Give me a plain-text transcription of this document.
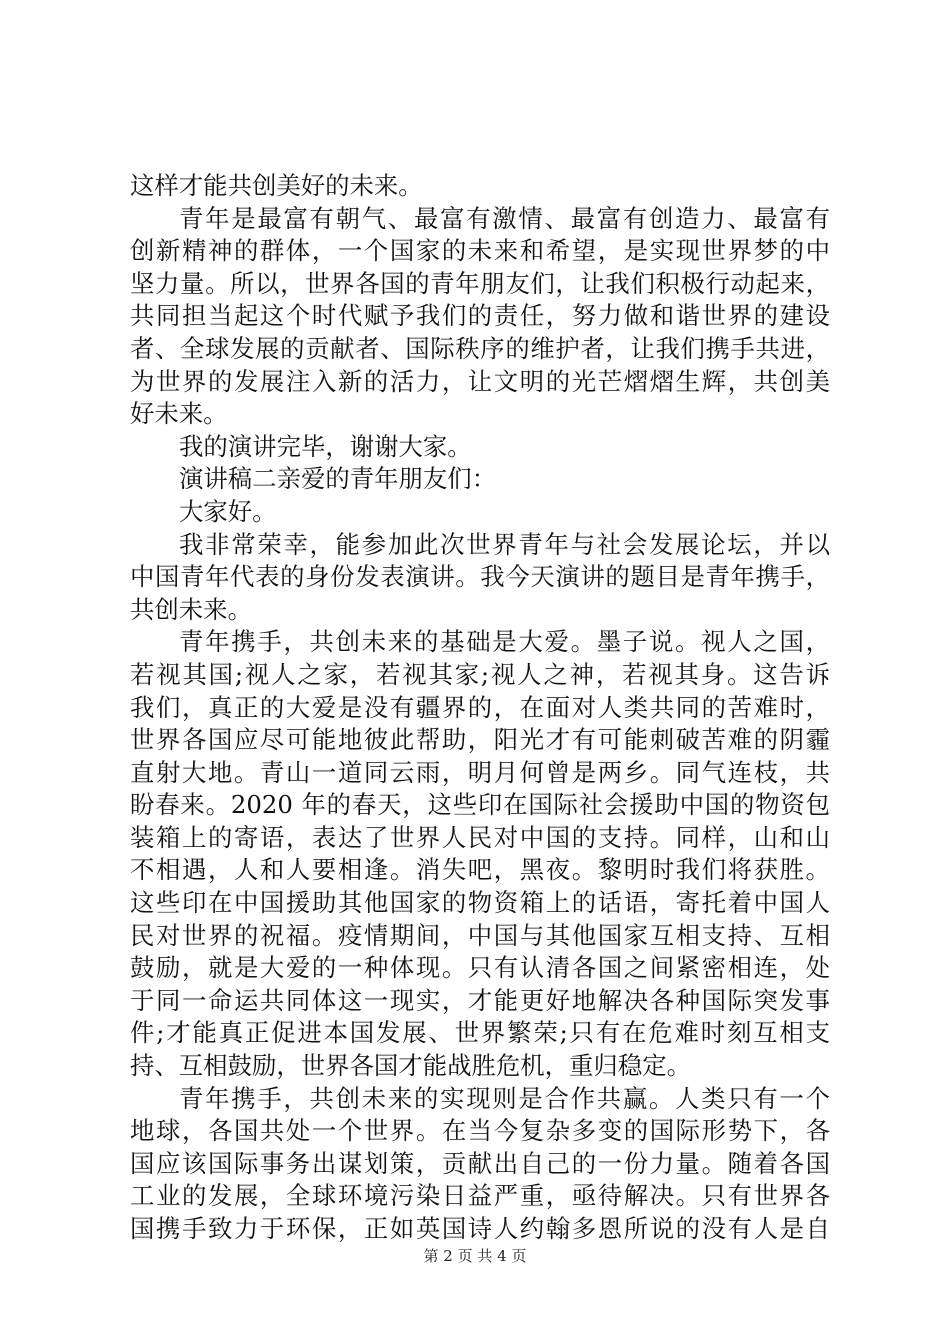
这样才能共创美好的未来。
青年是最富有朝气、最富有激情、最富有创造力、最富有
创新精神的群体，一个国家的未来和希望，是实现世界梦的中
坚力量。所以，世界各国的青年朋友们，让我们积极行动起来，
共同担当起这个时代赋予我们的责任，努力做和谐世界的建设
者、全球发展的贡献者、国际秩序的维护者，让我们携手共进，
为世界的发展注入新的活力，让文明的光芒熠熠生辉，共创美
好未来。
我的演讲完毕，谢谢大家。
演讲稿二亲爱的青年朋友们：
大家好。
我非常荣幸，能参加此次世界青年与社会发展论坛，并以
中国青年代表的身份发表演讲。我今天演讲的题目是青年携手，
共创未来。
青年携手，共创未来的基础是大爱。墨子说。视人之国，
若视其国;视人之家，若视其家;视人之神，若视其身。这告诉
我们，真正的大爱是没有疆界的，在面对人类共同的苦难时，
世界各国应尽可能地彼此帮助，阳光才有可能刺破苦难的阴霾
直射大地。青山一道同云雨，明月何曾是两乡。同气连枝，共
盼春来。2020 年的春天，这些印在国际社会援助中国的物资包
装箱上的寄语，表达了世界人民对中国的支持。同样，山和山
不相遇，人和人要相逢。消失吧，黑夜。黎明时我们将获胜。
这些印在中国援助其他国家的物资箱上的话语，寄托着中国人
民对世界的祝福。疫情期间，中国与其他国家互相支持、互相
鼓励，就是大爱的一种体现。只有认清各国之间紧密相连，处
于同一命运共同体这一现实，才能更好地解决各种国际突发事
件;才能真正促进本国发展、世界繁荣;只有在危难时刻互相支
持、互相鼓励，世界各国才能战胜危机，重归稳定。
青年携手，共创未来的实现则是合作共赢。人类只有一个
地球，各国共处一个世界。在当今复杂多变的国际形势下，各
国应该国际事务出谋划策，贡献出自己的一份力量。随着各国
工业的发展，全球环境污染日益严重，亟待解决。只有世界各
国携手致力于环保，正如英国诗人约翰多恩所说的没有人是自
第 2 页 共 4 页
